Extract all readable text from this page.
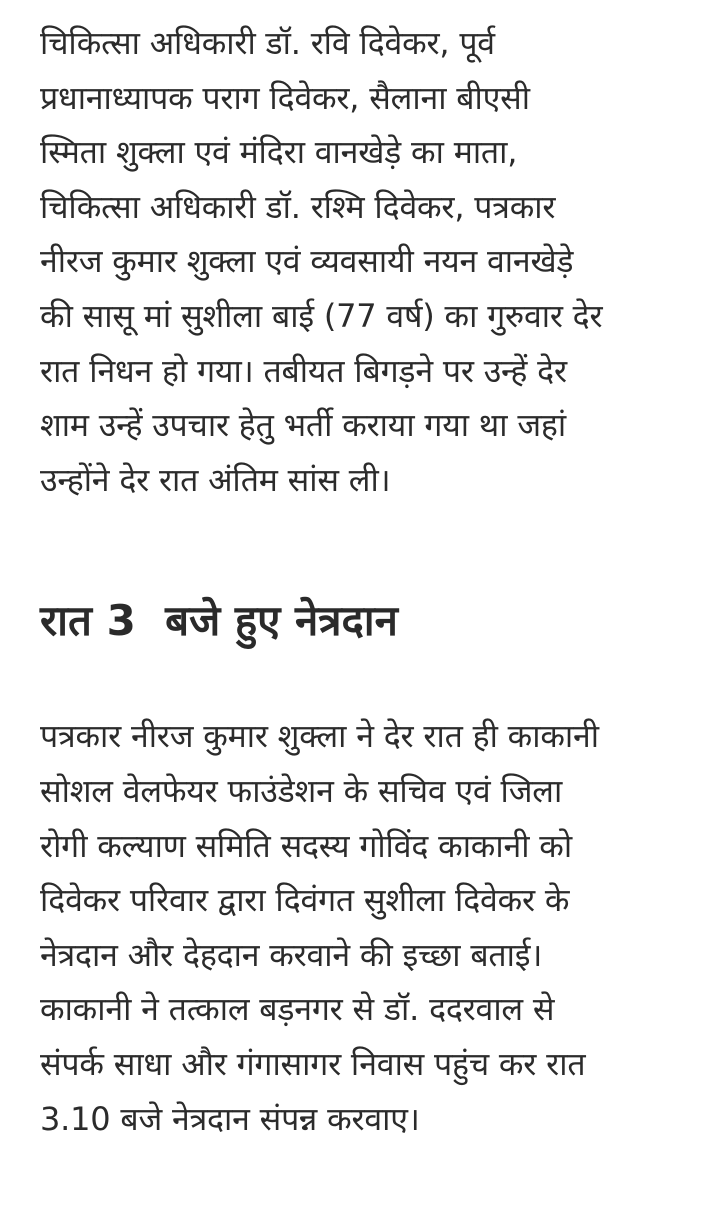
चिकित्सा अधिकारी डॉ. रवि दिवेकर, पूर्व
प्रधानाध्यापक पराग दिवेकर, सैलाना बीएसी
स्मिता शुक्ला एवं मंदिरा वानखेड़े का माता,
चिकित्सा अधिकारी डॉ. रश्मि दिवेकर, पत्रकार
नीरज कुमार शुक्ला एवं व्यवसायी नयन वानखेड़े
की सासू मां सुशीला बाई (77 वर्ष) का गुरुवार देर
रात निधन हो गया। तबीयत बिगड़ने पर उन्हें देर
शाम उन्हें उपचार हेतु भर्ती कराया गया था जहां
उन्होंने देर रात अंतिम सांस ली।

रात 3  बजे हुए नेत्रदान

पत्रकार नीरज कुमार शुक्ला ने देर रात ही काकानी
सोशल वेलफेयर फाउंडेशन के सचिव एवं जिला
रोगी कल्याण समिति सदस्य गोविंद काकानी को
दिवेकर परिवार द्वारा दिवंगत सुशीला दिवेकर के
नेत्रदान और देहदान करवाने की इच्छा बताई।
काकानी ने तत्काल बड़नगर से डॉ. ददरवाल से
संपर्क साधा और गंगासागर निवास पहुंच कर रात
3.10 बजे नेत्रदान संपन्न करवाए।
